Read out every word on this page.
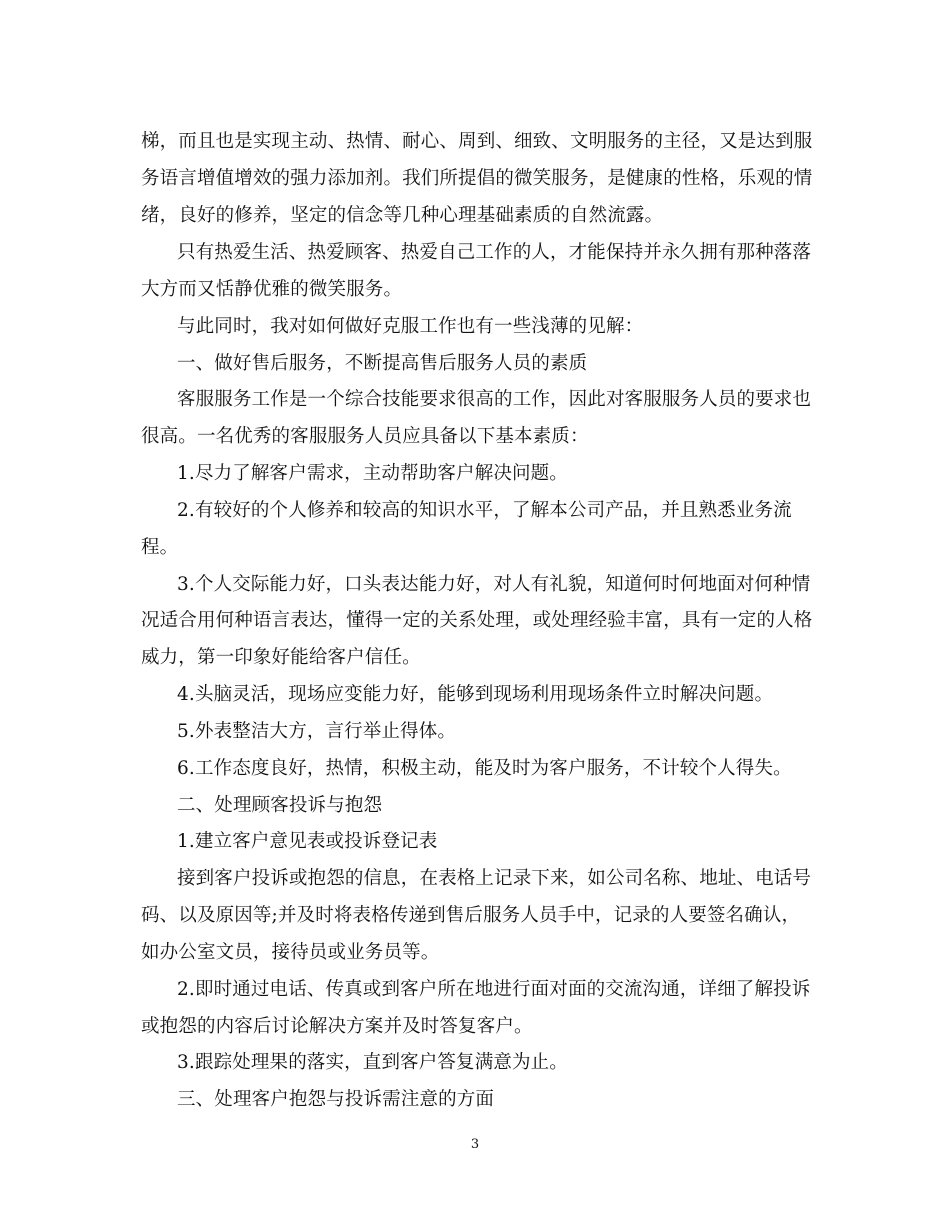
梯，而且也是实现主动、热情、耐心、周到、细致、文明服务的主径，又是达到服
务语言增值增效的强力添加剂。我们所提倡的微笑服务，是健康的性格，乐观的情
绪，良好的修养，坚定的信念等几种心理基础素质的自然流露。
只有热爱生活、热爱顾客、热爱自己工作的人，才能保持并永久拥有那种落落
大方而又恬静优雅的微笑服务。
与此同时，我对如何做好克服工作也有一些浅薄的见解：
一、做好售后服务，不断提高售后服务人员的素质
客服服务工作是一个综合技能要求很高的工作，因此对客服服务人员的要求也
很高。一名优秀的客服服务人员应具备以下基本素质：
1.尽力了解客户需求，主动帮助客户解决问题。
2.有较好的个人修养和较高的知识水平，了解本公司产品，并且熟悉业务流
程。
3.个人交际能力好，口头表达能力好，对人有礼貌，知道何时何地面对何种情
况适合用何种语言表达，懂得一定的关系处理，或处理经验丰富，具有一定的人格
威力，第一印象好能给客户信任。
4.头脑灵活，现场应变能力好，能够到现场利用现场条件立时解决问题。
5.外表整洁大方，言行举止得体。
6.工作态度良好，热情，积极主动，能及时为客户服务，不计较个人得失。
二、处理顾客投诉与抱怨
1.建立客户意见表或投诉登记表
接到客户投诉或抱怨的信息，在表格上记录下来，如公司名称、地址、电话号
码、以及原因等;并及时将表格传递到售后服务人员手中，记录的人要签名确认，
如办公室文员，接待员或业务员等。
2.即时通过电话、传真或到客户所在地进行面对面的交流沟通，详细了解投诉
或抱怨的内容后讨论解决方案并及时答复客户。
3.跟踪处理果的落实，直到客户答复满意为止。
三、处理客户抱怨与投诉需注意的方面
3
